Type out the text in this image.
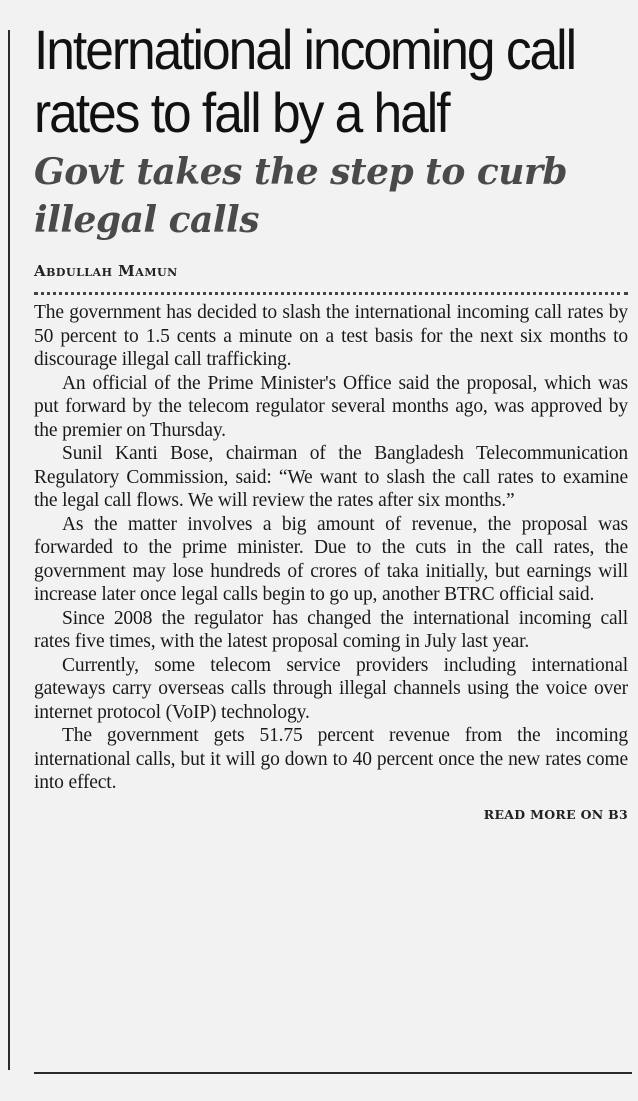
International incoming call rates to fall by a half
Govt takes the step to curb illegal calls
Abdullah Mamun

The government has decided to slash the international incoming call rates by 50 percent to 1.5 cents a minute on a test basis for the next six months to discourage illegal call trafficking.

An official of the Prime Minister's Office said the proposal, which was put forward by the telecom regulator several months ago, was approved by the premier on Thursday.

Sunil Kanti Bose, chairman of the Bangladesh Telecommunication Regulatory Commission, said: “We want to slash the call rates to examine the legal call flows. We will review the rates after six months.”

As the matter involves a big amount of revenue, the proposal was forwarded to the prime minister. Due to the cuts in the call rates, the government may lose hundreds of crores of taka initially, but earnings will increase later once legal calls begin to go up, another BTRC official said.

Since 2008 the regulator has changed the international incoming call rates five times, with the latest proposal coming in July last year.

Currently, some telecom service providers including international gateways carry overseas calls through illegal channels using the voice over internet protocol (VoIP) technology.

The government gets 51.75 percent revenue from the incoming international calls, but it will go down to 40 percent once the new rates come into effect.

READ MORE ON B3
